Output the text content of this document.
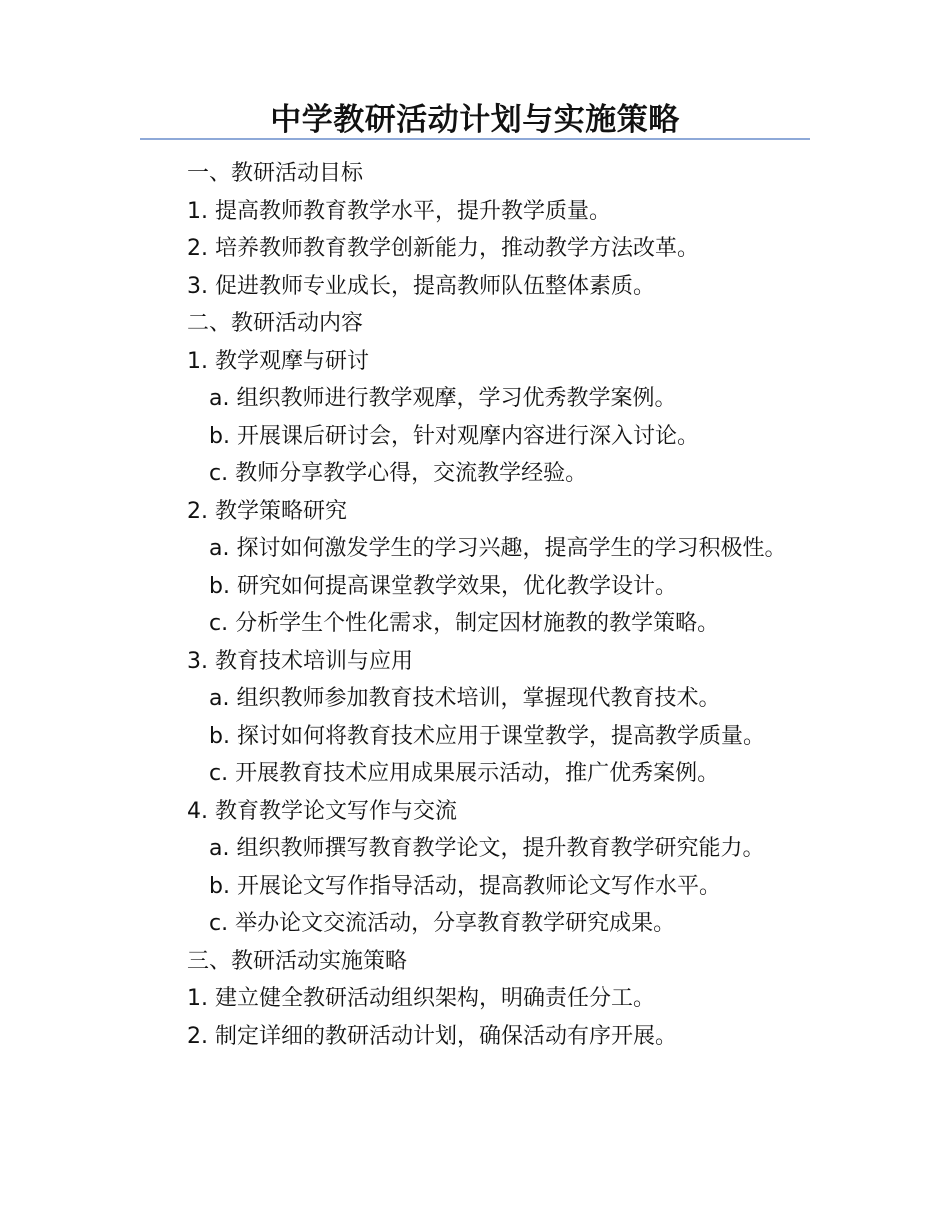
中学教研活动计划与实施策略
一、教研活动目标
1. 提高教师教育教学水平，提升教学质量。
2. 培养教师教育教学创新能力，推动教学方法改革。
3. 促进教师专业成长，提高教师队伍整体素质。
二、教研活动内容
1. 教学观摩与研讨
a. 组织教师进行教学观摩，学习优秀教学案例。
b. 开展课后研讨会，针对观摩内容进行深入讨论。
c. 教师分享教学心得，交流教学经验。
2. 教学策略研究
a. 探讨如何激发学生的学习兴趣，提高学生的学习积极性。
b. 研究如何提高课堂教学效果，优化教学设计。
c. 分析学生个性化需求，制定因材施教的教学策略。
3. 教育技术培训与应用
a. 组织教师参加教育技术培训，掌握现代教育技术。
b. 探讨如何将教育技术应用于课堂教学，提高教学质量。
c. 开展教育技术应用成果展示活动，推广优秀案例。
4. 教育教学论文写作与交流
a. 组织教师撰写教育教学论文，提升教育教学研究能力。
b. 开展论文写作指导活动，提高教师论文写作水平。
c. 举办论文交流活动，分享教育教学研究成果。
三、教研活动实施策略
1. 建立健全教研活动组织架构，明确责任分工。
2. 制定详细的教研活动计划，确保活动有序开展。
